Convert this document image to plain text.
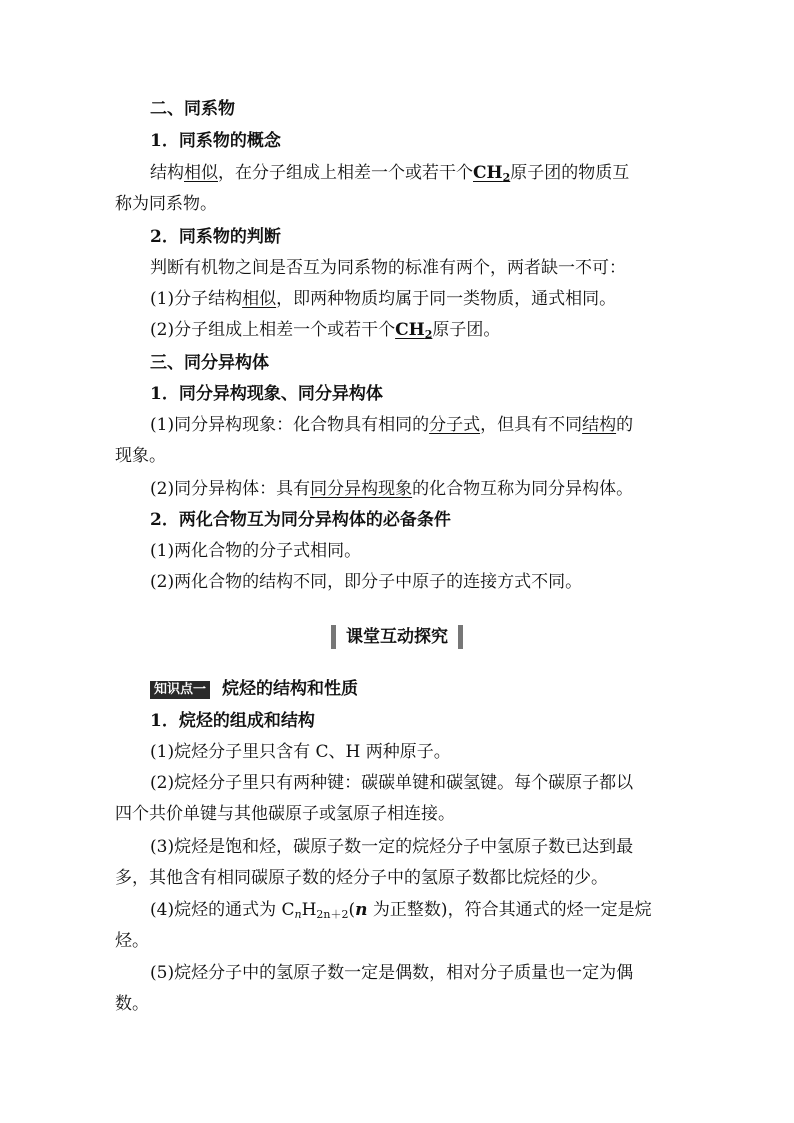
二、同系物
1．同系物的概念
结构相似，在分子组成上相差一个或若干个$CH_2$原子团的物质互
称为同系物。
2．同系物的判断
判断有机物之间是否互为同系物的标准有两个，两者缺一不可：
(1)分子结构相似，即两种物质均属于同一类物质，通式相同。
(2)分子组成上相差一个或若干个$CH_2$原子团。
三、同分异构体
1．同分异构现象、同分异构体
(1)同分异构现象：化合物具有相同的分子式，但具有不同结构的
现象。
(2)同分异构体：具有同分异构现象的化合物互称为同分异构体。
2．两化合物互为同分异构体的必备条件
(1)两化合物的分子式相同。
(2)两化合物的结构不同，即分子中原子的连接方式不同。
课堂互动探究
知识点一 烷烃的结构和性质
1．烷烃的组成和结构
(1)烷烃分子里只含有 C、H 两种原子。
(2)烷烃分子里只有两种键：碳碳单键和碳氢键。每个碳原子都以
四个共价单键与其他碳原子或氢原子相连接。
(3)烷烃是饱和烃，碳原子数一定的烷烃分子中氢原子数已达到最
多，其他含有相同碳原子数的烃分子中的氢原子数都比烷烃的少。
(4)烷烃的通式为 $C_nH_{2n+2}(n$ 为正整数)，符合其通式的烃一定是烷
烃。
(5)烷烃分子中的氢原子数一定是偶数，相对分子质量也一定为偶
数。
